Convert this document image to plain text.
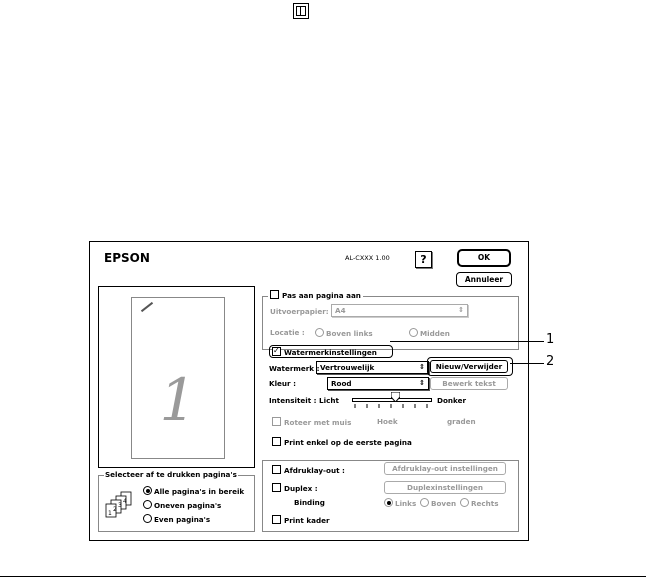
EPSON	AL-CXXX 1.00	?	OK
Annuleer
1
Selecteer af te drukken pagina's
1
2
3
4
Alle pagina's in bereik
Oneven pagina's
Even pagina's
Pas aan pagina aan
Uitvoerpapier: A4	⇕
Locatie :	Boven links	Midden
✓Watermerkinstellingen
Watermerk : Vertrouwelijk	⇕	Nieuw/Verwijder
Kleur :	Rood	⇕	Bewerk tekst
Intensiteit : Licht	Donker
Roteer met muis	Hoek	graden
Print enkel op de eerste pagina
Afdruklay-out :	Afdruklay-out instellingen
Duplex :	Duplexinstellingen
Binding	Links	Boven	Rechts
Print kader
1
2
